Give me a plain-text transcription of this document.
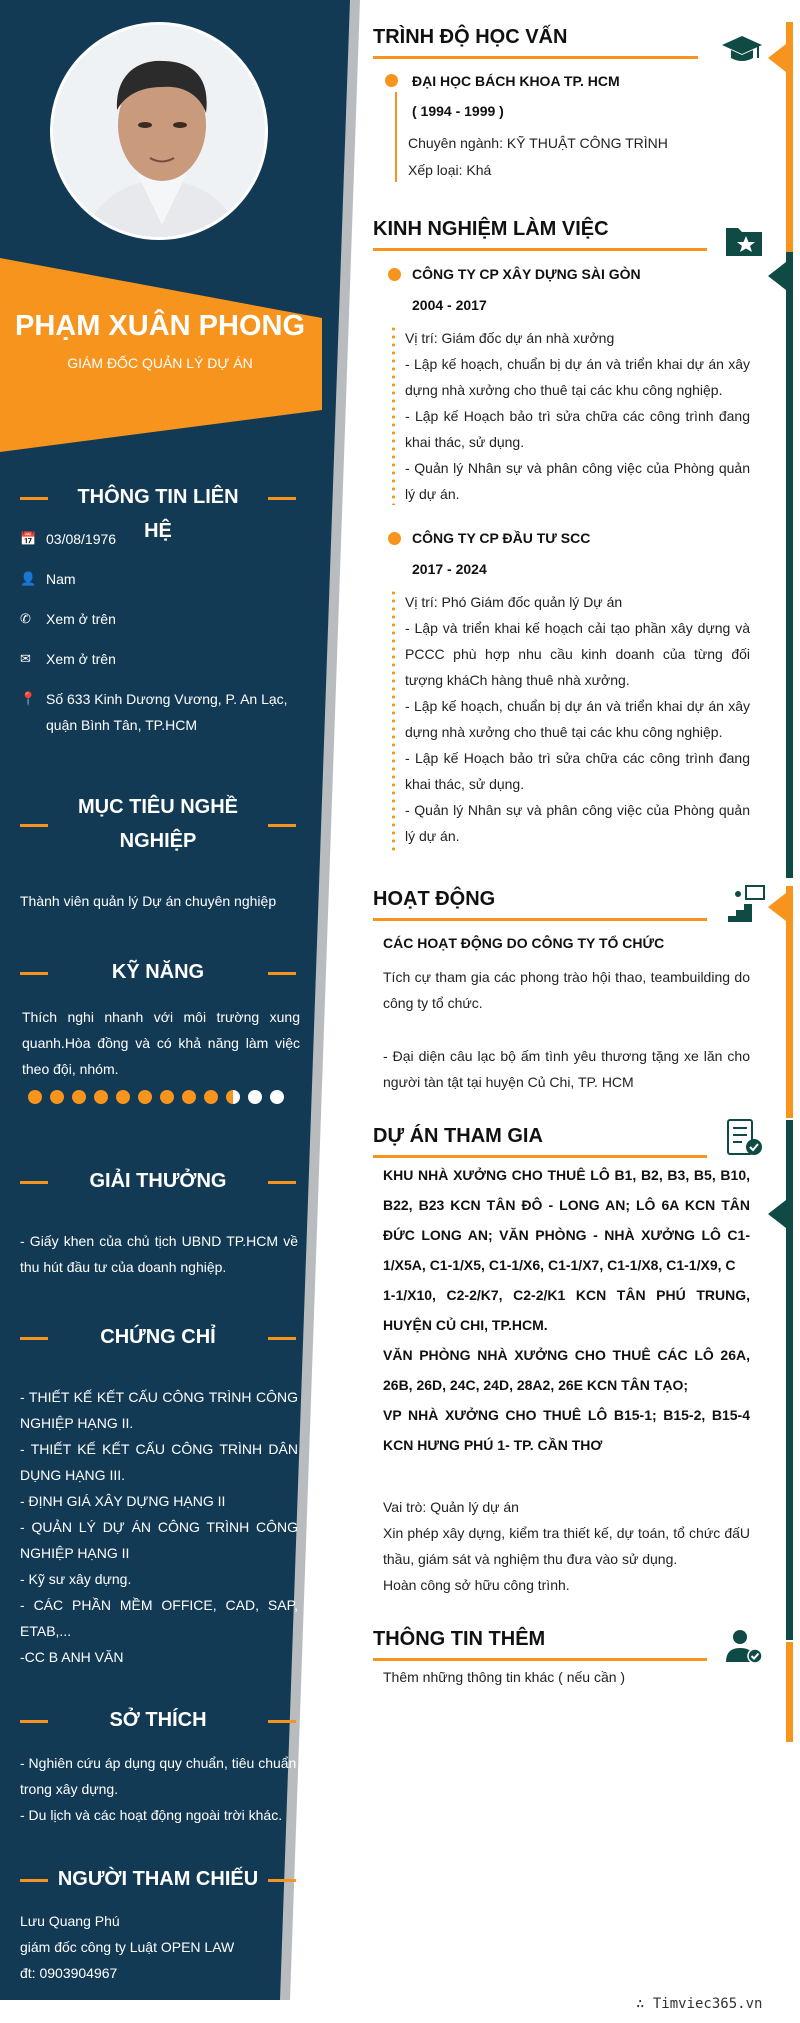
PHẠM XUÂN PHONG
GIÁM ĐỐC QUẢN LÝ DỰ ÁN
THÔNG TIN LIÊN HỆ
📅 03/08/1976
👤 Nam
✆	Xem ở trên
✉	Xem ở trên
📍 Số 633 Kinh Dương Vương, P. An Lạc, quận Bình Tân, TP.HCM
MỤC TIÊU NGHỀ NGHIỆP
Thành viên quản lý Dự án chuyên nghiệp
KỸ NĂNG
Thích nghi nhanh với môi trường xung quanh.Hòa đồng và có khả năng làm việc theo đội, nhóm.
GIẢI THƯỞNG
- Giấy khen của chủ tịch UBND TP.HCM về thu hút đầu tư của doanh nghiệp.
CHỨNG CHỈ
- THIẾT KẾ KẾT CẤU CÔNG TRÌNH CÔNG NGHIỆP HẠNG II.
- THIẾT KẾ KẾT CẤU CÔNG TRÌNH DÂN DỤNG HẠNG III.
- ĐỊNH GIÁ XÂY DỰNG HẠNG II
- QUẢN LÝ DỰ ÁN CÔNG TRÌNH CÔNG NGHIỆP HẠNG II
- Kỹ sư xây dựng.
- CÁC PHẦN MỀM OFFICE, CAD, SAP, ETAB,...
-CC B ANH VĂN
SỞ THÍCH
- Nghiên cứu áp dụng quy chuẩn, tiêu chuẩn trong xây dựng.
- Du lịch và các hoạt động ngoài trời khác.
NGƯỜI THAM CHIẾU
Lưu Quang Phú
giám đốc công ty Luật OPEN LAW
đt: 0903904967
TRÌNH ĐỘ HỌC VẤN
ĐẠI HỌC BÁCH KHOA TP. HCM
( 1994 - 1999 )
Chuyên ngành: KỸ THUẬT CÔNG TRÌNH
Xếp loại: Khá
KINH NGHIỆM LÀM VIỆC
CÔNG TY CP XÂY DỰNG SÀI GÒN
2004 - 2017
Vị trí: Giám đốc dự án nhà xưởng
- Lập kế hoạch, chuẩn bị dự án và triển khai dự án xây dựng nhà xưởng cho thuê tại các khu công nghiệp.
- Lập kế Hoạch bảo trì sửa chữa các công trình đang khai thác, sử dụng.
- Quản lý Nhân sự và phân công việc của Phòng quản lý dự án.
CÔNG TY CP ĐẦU TƯ SCC
2017 - 2024
Vị trí: Phó Giám đốc quản lý Dự án
- Lập và triển khai kế hoạch cải tạo phần xây dựng và PCCC phù hợp nhu cầu kinh doanh của từng đối tượng kháCh hàng thuê nhà xưởng.
- Lập kế hoạch, chuẩn bị dự án và triển khai dự án xây dựng nhà xưởng cho thuê tại các khu công nghiệp.
- Lập kế Hoạch bảo trì sửa chữa các công trình đang khai thác, sử dụng.
- Quản lý Nhân sự và phân công việc của Phòng quản lý dự án.
HOẠT ĐỘNG
CÁC HOẠT ĐỘNG DO CÔNG TY TỔ CHỨC
Tích cự tham gia các phong trào hội thao, teambuilding do công ty tổ chức.
- Đại diện câu lạc bộ ấm tình yêu thương tặng xe lăn cho người tàn tật tại huyện Củ Chi, TP. HCM
DỰ ÁN THAM GIA
KHU NHÀ XƯỞNG CHO THUÊ LÔ B1, B2, B3, B5, B10, B22, B23 KCN TÂN ĐÔ - LONG AN; LÔ 6A KCN TÂN ĐỨC LONG AN; VĂN PHÒNG - NHÀ XƯỞNG LÔ C1-1/X5A, C1-1/X5, C1-1/X6, C1-1/X7, C1-1/X8, C1-1/X9, C
1-1/X10, C2-2/K7, C2-2/K1 KCN TÂN PHÚ TRUNG, HUYỆN CỦ CHI, TP.HCM.
VĂN PHÒNG NHÀ XƯỞNG CHO THUÊ CÁC LÔ 26A, 26B, 26D, 24C, 24D, 28A2, 26E KCN TÂN TẠO;
VP NHÀ XƯỞNG CHO THUÊ LÔ B15-1; B15-2, B15-4 KCN HƯNG PHÚ 1- TP. CẦN THƠ
Vai trò: Quản lý dự án
Xin phép xây dựng, kiểm tra thiết kế, dự toán, tổ chức đấU thầu, giám sát và nghiệm thu đưa vào sử dụng.
Hoàn công sở hữu công trình.
THÔNG TIN THÊM
Thêm những thông tin khác ( nếu cần )
∴ Timviec365.vn
